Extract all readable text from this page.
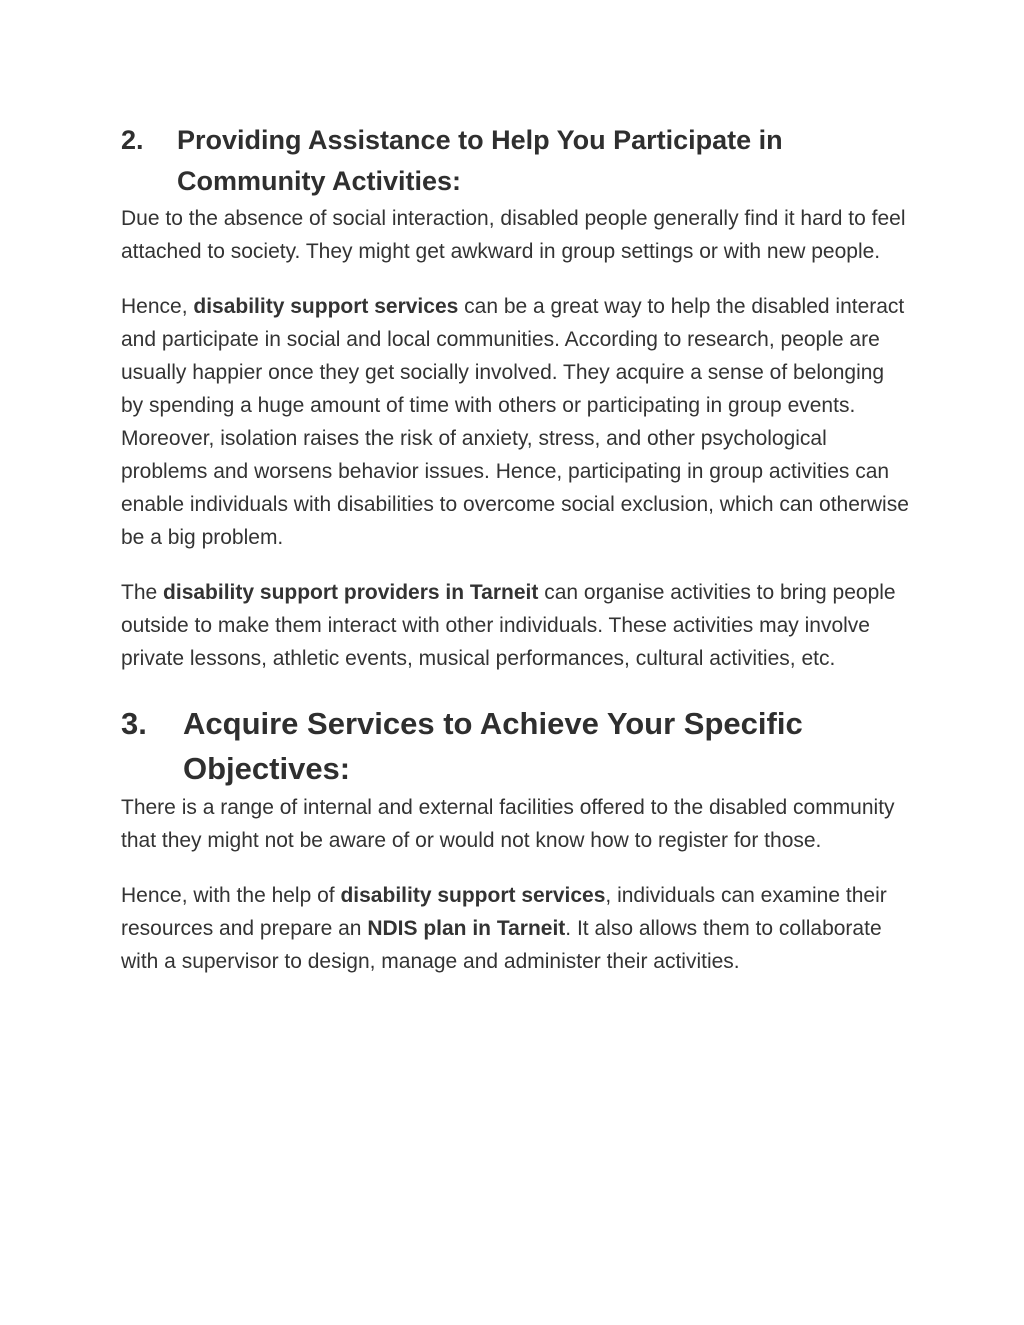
2.	Providing Assistance to Help You Participate in Community Activities:

Due to the absence of social interaction, disabled people generally find it hard to feel attached to society. They might get awkward in group settings or with new people.

Hence, disability support services can be a great way to help the disabled interact and participate in social and local communities. According to research, people are usually happier once they get socially involved. They acquire a sense of belonging by spending a huge amount of time with others or participating in group events. Moreover, isolation raises the risk of anxiety, stress, and other psychological problems and worsens behavior issues. Hence, participating in group activities can enable individuals with disabilities to overcome social exclusion, which can otherwise be a big problem.

The disability support providers in Tarneit can organise activities to bring people outside to make them interact with other individuals. These activities may involve private lessons, athletic events, musical performances, cultural activities, etc.

3.	Acquire Services to Achieve Your Specific Objectives:

There is a range of internal and external facilities offered to the disabled community that they might not be aware of or would not know how to register for those.

Hence, with the help of disability support services, individuals can examine their resources and prepare an NDIS plan in Tarneit. It also allows them to collaborate with a supervisor to design, manage and administer their activities.
